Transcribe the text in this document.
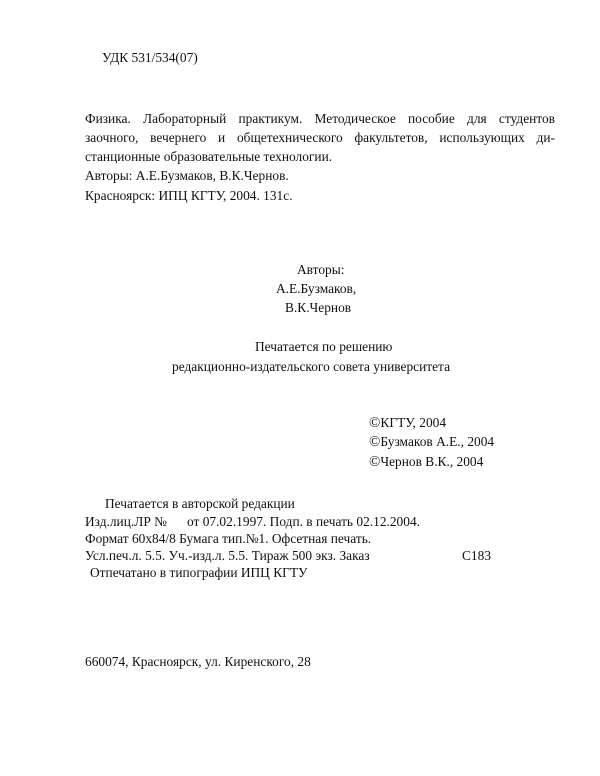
УДК 531/534(07)
Физика. Лабораторный практикум. Методическое пособие для студентов
заочного, вечернего и общетехнического факультетов, использующих ди-
станционные образовательные технологии.
Авторы: А.Е.Бузмаков, В.К.Чернов.
Красноярск: ИПЦ КГТУ, 2004. 131с.
Авторы:
А.Е.Бузмаков,
В.К.Чернов
Печатается по решению
редакционно-издательского совета университета
©КГТУ, 2004
©Бузмаков А.Е., 2004
©Чернов В.К., 2004
Печатается в авторской редакции
Изд.лиц.ЛР №      от 07.02.1997. Подп. в печать 02.12.2004.
Формат 60x84/8 Бумага тип.№1. Офсетная печать.
Усл.печ.л. 5.5. Уч.-изд.л. 5.5. Тираж 500 экз. Заказ	С183
Отпечатано в типографии ИПЦ КГТУ
660074, Красноярск, ул. Киренского, 28
